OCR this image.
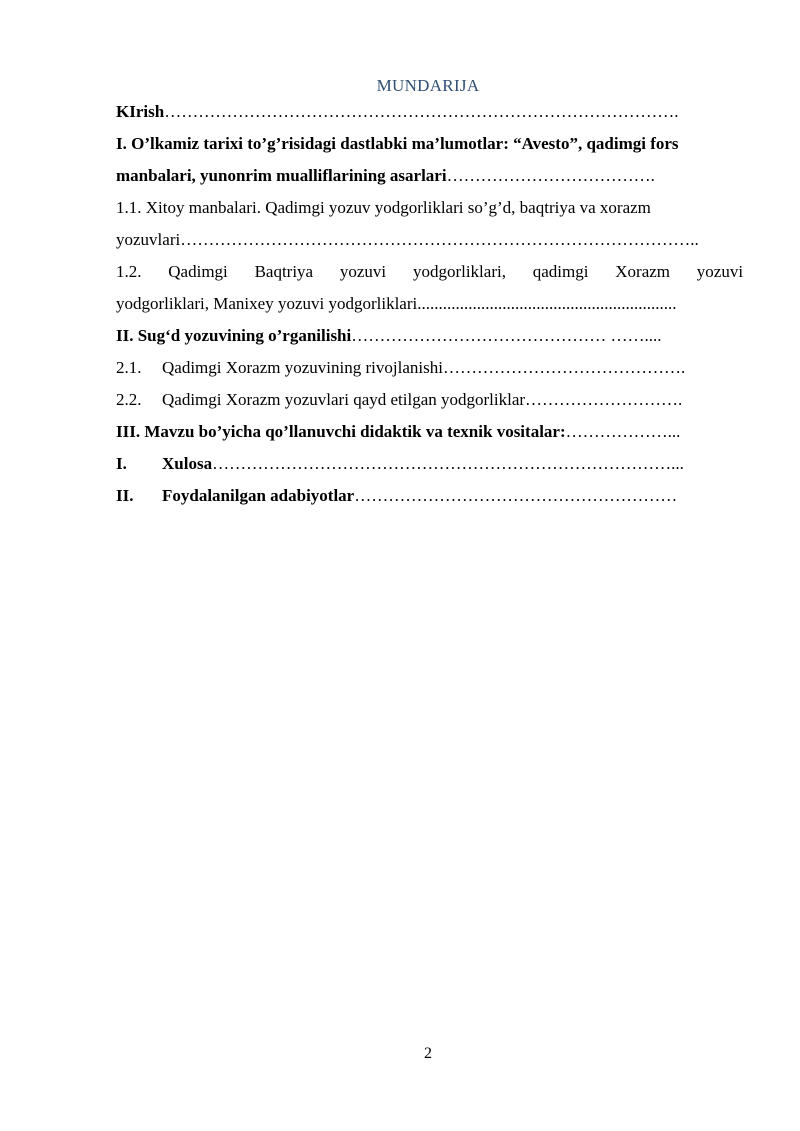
MUNDARIJA
KIrish……………………………………………………………………………….
I. O’lkamiz tarixi to’g’risidagi dastlabki ma’lumotlar: “Avesto”, qadimgi fors
manbalari, yunonrim mualliflarining asarlari……………………………….
1.1. Xitoy manbalari. Qadimgi yozuv yodgorliklari so’g’d, baqtriya va xorazm
yozuvlari………………………………………………………………………………..
1.2. Qadimgi Baqtriya yozuvi yodgorliklari, qadimgi Xorazm yozuvi
yodgorliklari, Manixey yozuvi yodgorliklari.............................................................
II. Sug‘d yozuvining o’rganilishi……………………………………… ……....
2.1. Qadimgi Xorazm yozuvining rivojlanishi…………………………………….
2.2. Qadimgi Xorazm yozuvlari qayd etilgan yodgorliklar……………………….
III. Mavzu bo’yicha qo’llanuvchi didaktik va texnik vositalar:………………...
I. Xulosa………………………………………………………………………...
II. Foydalanilgan adabiyotlar…………………………………………………
2
